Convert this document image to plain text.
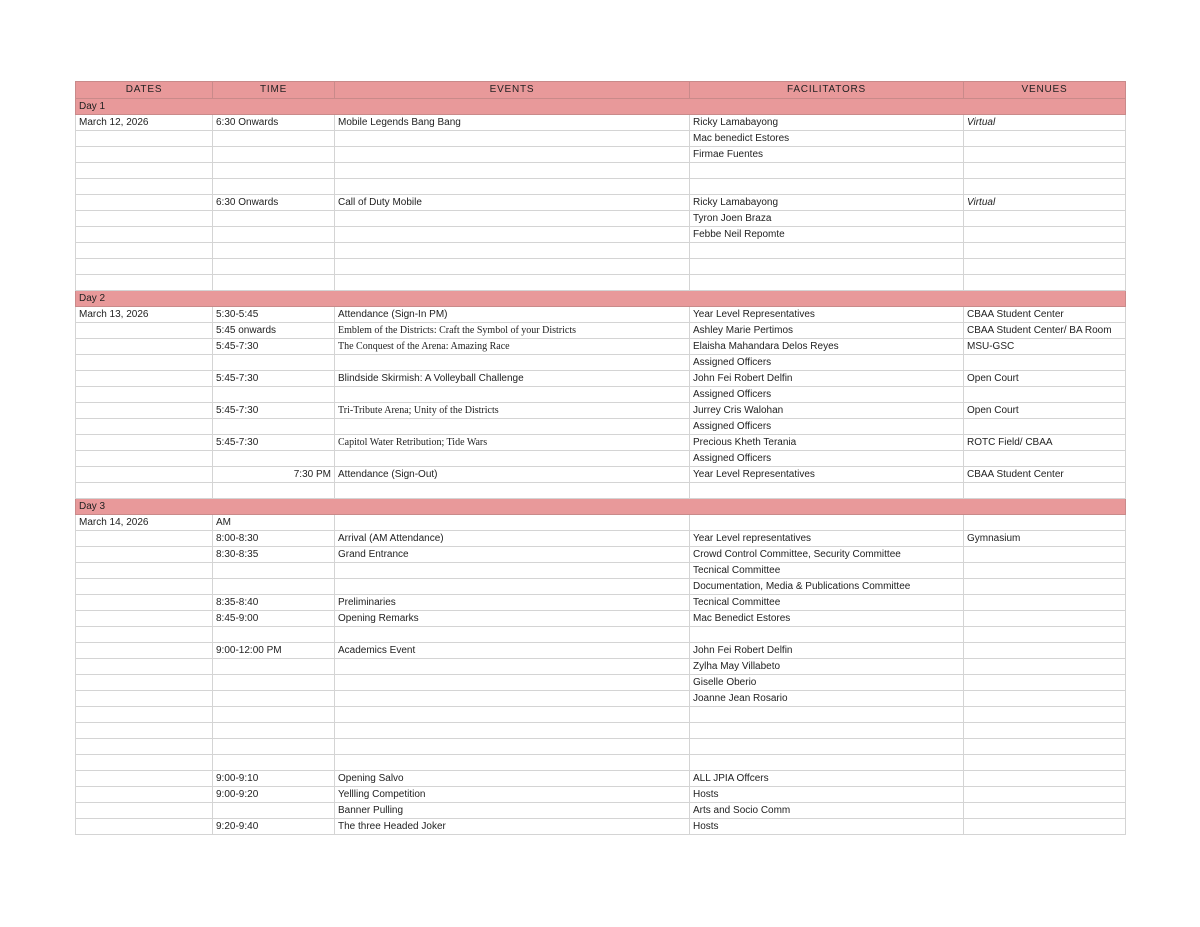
DATES	TIME	EVENTS	FACILITATORS	VENUES
Day 1				
March 12, 2026	6:30 Onwards	Mobile Legends Bang Bang	Ricky Lamabayong	Virtual
			Mac benedict Estores	
			Firmae Fuentes	

	6:30 Onwards	Call of Duty Mobile	Ricky Lamabayong	Virtual
			Tyron Joen Braza	
			Febbe Neil Repomte	

Day 2				
March 13, 2026	5:30-5:45	Attendance (Sign-In PM)	Year Level Representatives	CBAA Student Center
	5:45 onwards	Emblem of the Districts: Craft the Symbol of your Districts	Ashley Marie Pertimos	CBAA Student Center/ BA Room
	5:45-7:30	The Conquest of the Arena: Amazing Race	Elaisha Mahandara Delos Reyes	MSU-GSC
			Assigned Officers	
	5:45-7:30	Blindside Skirmish: A Volleyball Challenge	John Fei Robert Delfin	Open Court
			Assigned Officers	
	5:45-7:30	Tri-Tribute Arena; Unity of the Districts	Jurrey Cris Walohan	Open Court
			Assigned Officers	
	5:45-7:30	Capitol Water Retribution; Tide Wars	Precious Kheth Terania	ROTC Field/ CBAA
			Assigned Officers	
	7:30 PM	Attendance (Sign-Out)	Year Level Representatives	CBAA Student Center

Day 3				
March 14, 2026	AM			
	8:00-8:30	Arrival (AM Attendance)	Year Level representatives	Gymnasium
	8:30-8:35	Grand Entrance	Crowd Control Committee, Security Committee	
			Tecnical Committee	
			Documentation, Media & Publications Committee	
	8:35-8:40	Preliminaries	Tecnical Committee	
	8:45-9:00	Opening Remarks	Mac Benedict Estores	

	9:00-12:00 PM	Academics Event	John Fei Robert Delfin	
			Zylha May Villabeto	
			Giselle Oberio	
			Joanne Jean Rosario	

	9:00-9:10	Opening Salvo	ALL JPIA Offcers	
	9:00-9:20	Yellling Competition	Hosts	
		Banner Pulling	Arts and Socio Comm	
	9:20-9:40	The three Headed Joker	Hosts	
